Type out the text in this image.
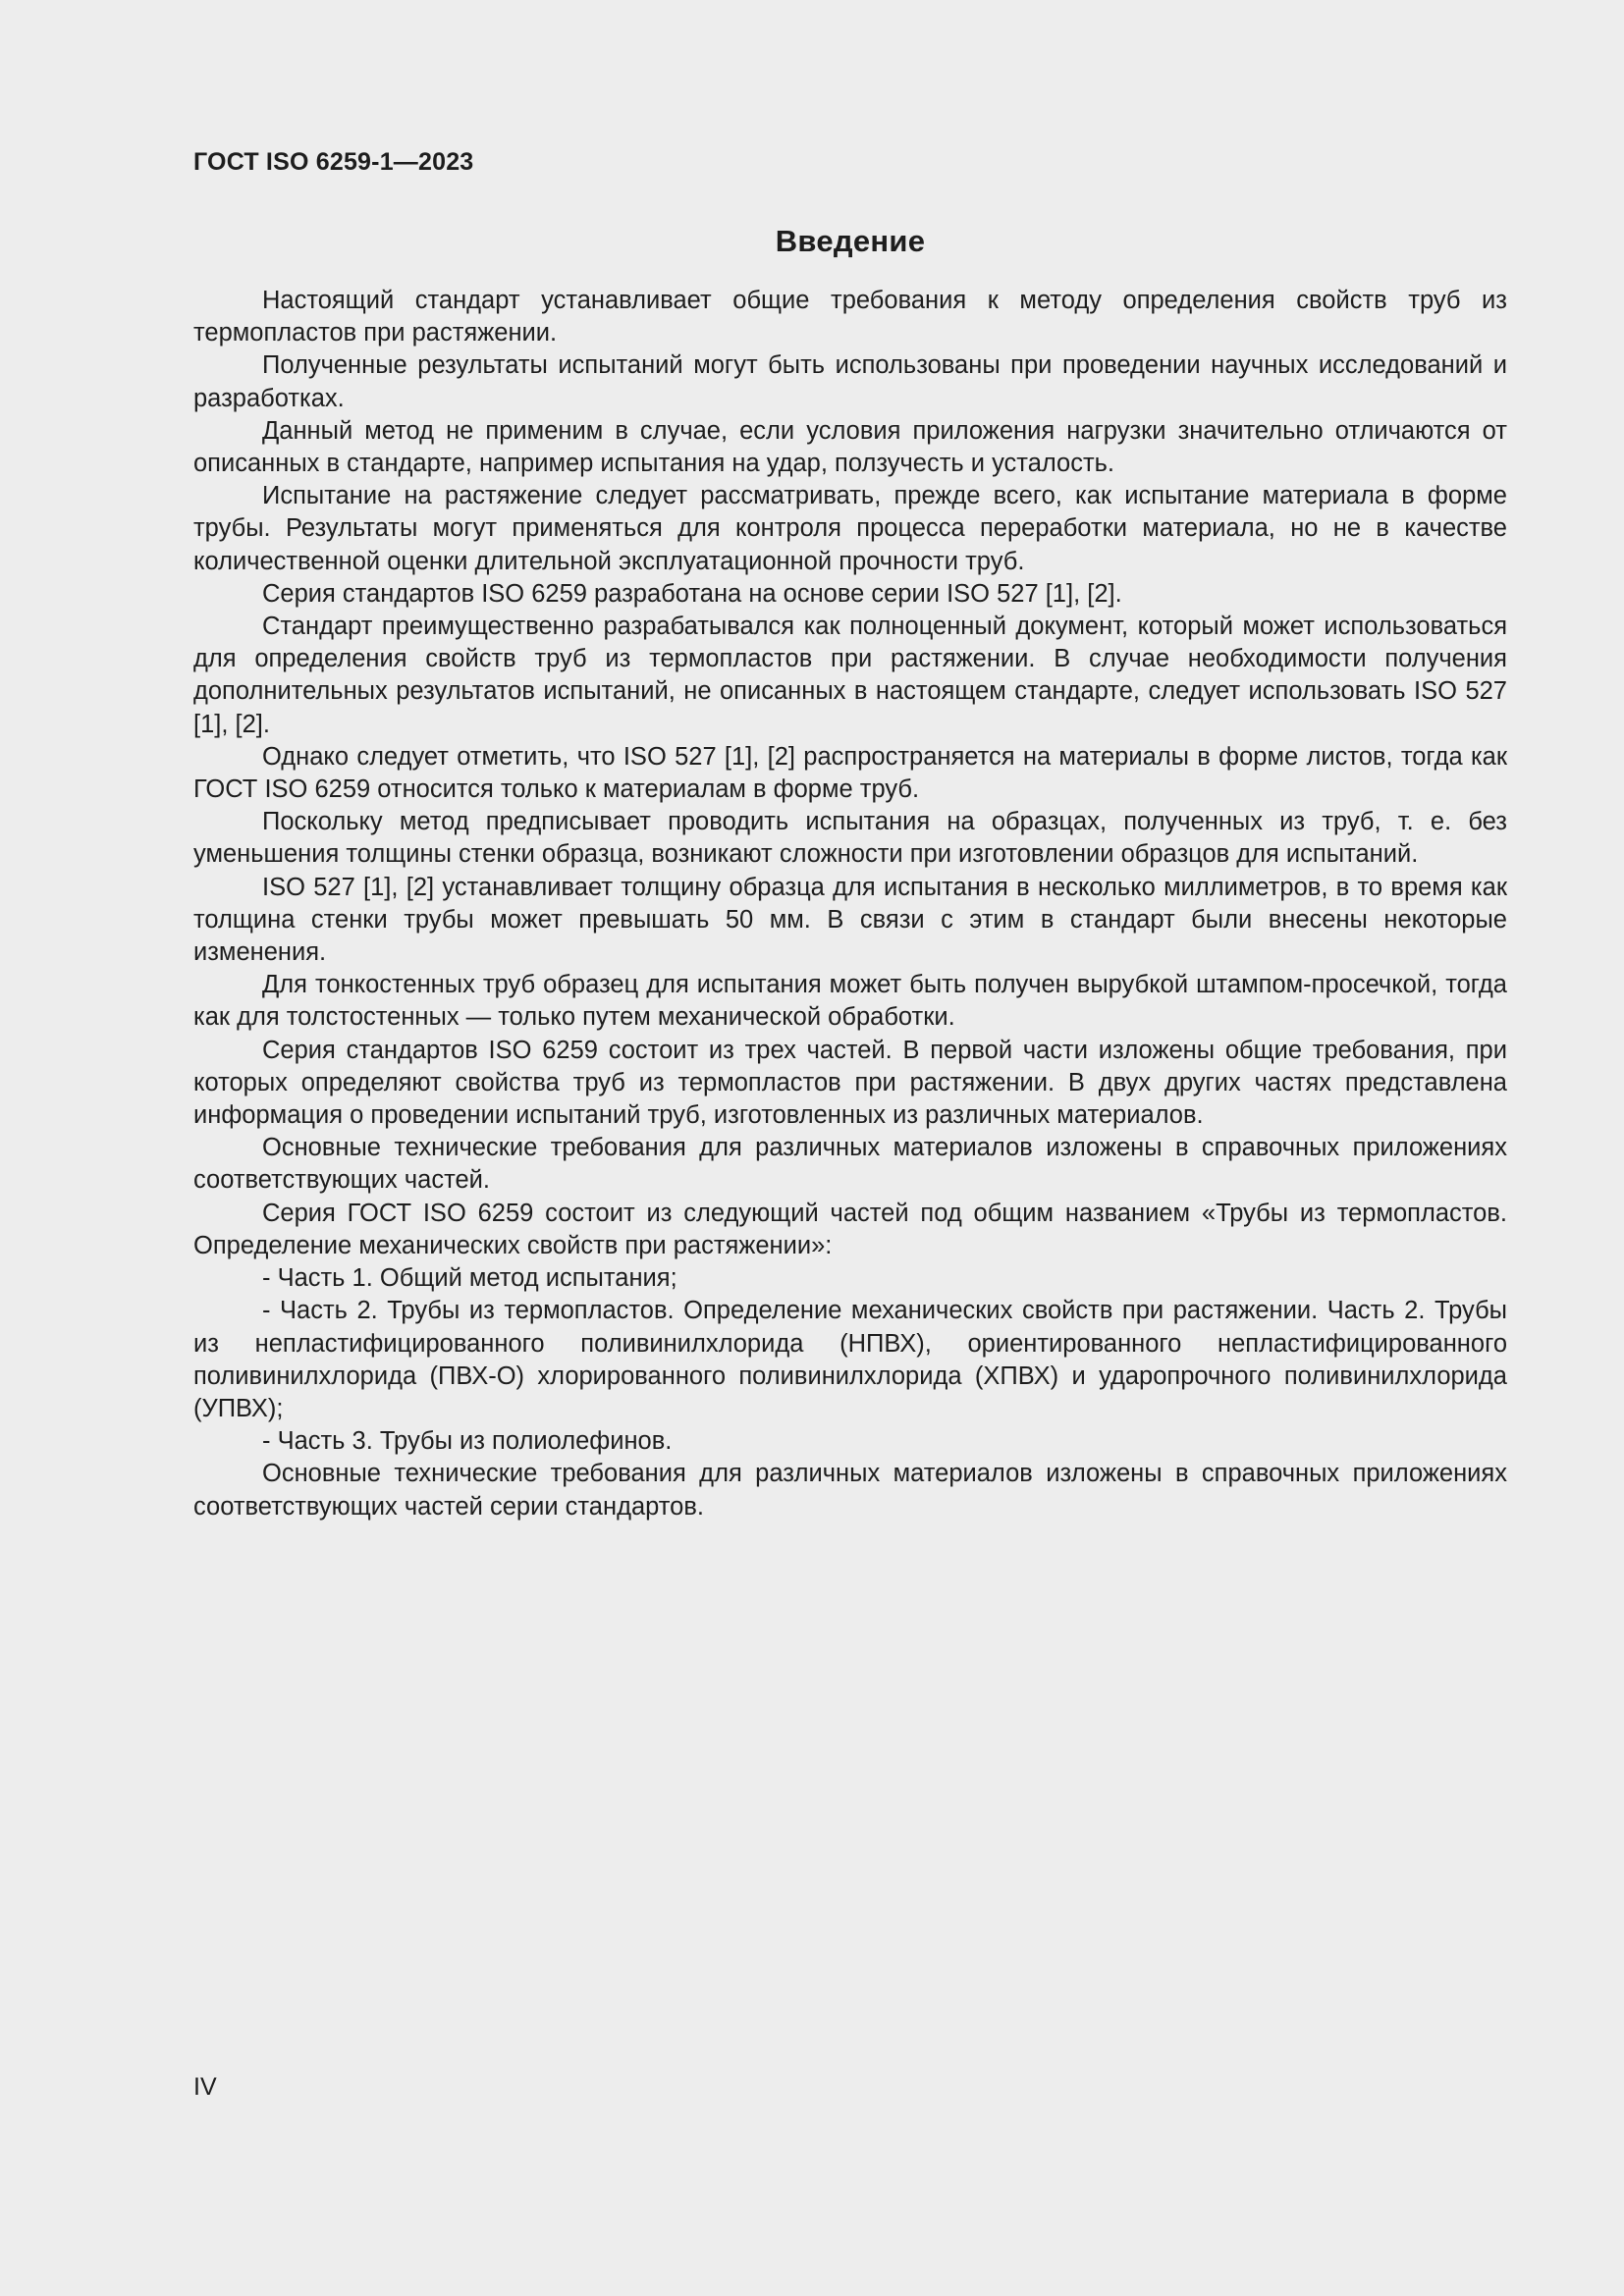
ГОСТ ISO 6259-1—2023
Введение

Настоящий стандарт устанавливает общие требования к методу определения свойств труб из термопластов при растяжении.

Полученные результаты испытаний могут быть использованы при проведении научных исследований и разработках.

Данный метод не применим в случае, если условия приложения нагрузки значительно отличаются от описанных в стандарте, например испытания на удар, ползучесть и усталость.

Испытание на растяжение следует рассматривать, прежде всего, как испытание материала в форме трубы. Результаты могут применяться для контроля процесса переработки материала, но не в качестве количественной оценки длительной эксплуатационной прочности труб.

Серия стандартов ISO 6259 разработана на основе серии ISO 527 [1], [2].

Стандарт преимущественно разрабатывался как полноценный документ, который может использоваться для определения свойств труб из термопластов при растяжении. В случае необходимости получения дополнительных результатов испытаний, не описанных в настоящем стандарте, следует использовать ISO 527 [1], [2].

Однако следует отметить, что ISO 527 [1], [2] распространяется на материалы в форме листов, тогда как ГОСТ ISO 6259 относится только к материалам в форме труб.

Поскольку метод предписывает проводить испытания на образцах, полученных из труб, т. е. без уменьшения толщины стенки образца, возникают сложности при изготовлении образцов для испытаний.

ISO 527 [1], [2] устанавливает толщину образца для испытания в несколько миллиметров, в то время как толщина стенки трубы может превышать 50 мм. В связи с этим в стандарт были внесены некоторые изменения.

Для тонкостенных труб образец для испытания может быть получен вырубкой штампом-просечкой, тогда как для толстостенных — только путем механической обработки.

Серия стандартов ISO 6259 состоит из трех частей. В первой части изложены общие требования, при которых определяют свойства труб из термопластов при растяжении. В двух других частях представлена информация о проведении испытаний труб, изготовленных из различных материалов.

Основные технические требования для различных материалов изложены в справочных приложениях соответствующих частей.

Серия ГОСТ ISO 6259 состоит из следующий частей под общим названием «Трубы из термопластов. Определение механических свойств при растяжении»:

- Часть 1. Общий метод испытания;

- Часть 2. Трубы из термопластов. Определение механических свойств при растяжении. Часть 2. Трубы из непластифицированного поливинилхлорида (НПВХ), ориентированного непластифицированного поливинилхлорида (ПВХ-О) хлорированного поливинилхлорида (ХПВХ) и ударопрочного поливинилхлорида (УПВХ);

- Часть 3. Трубы из полиолефинов.

Основные технические требования для различных материалов изложены в справочных приложениях соответствующих частей серии стандартов.

IV
